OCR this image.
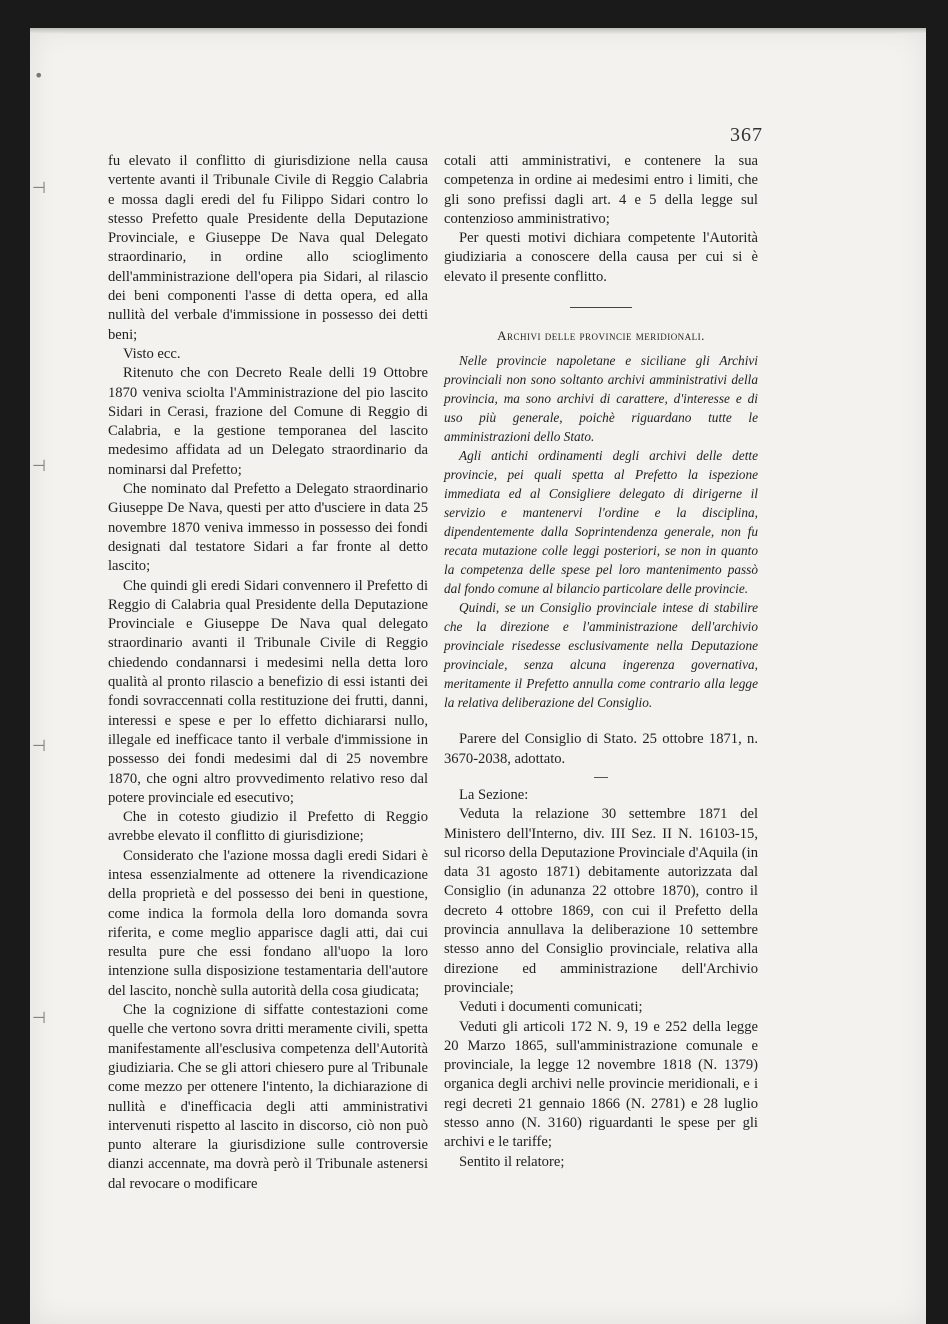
•
⊣
⊣
⊣
⊣
367

fu elevato il conflitto di giurisdizione nella causa vertente avanti il Tribunale Civile di Reggio Calabria e mossa dagli eredi del fu Filippo Sidari contro lo stesso Prefetto quale Presidente della Deputazione Provinciale, e Giuseppe De Nava qual Delegato straordinario, in ordine allo scioglimento dell'amministrazione dell'opera pia Sidari, al rilascio dei beni componenti l'asse di detta opera, ed alla nullità del verbale d'immissione in possesso dei detti beni;

Visto ecc.

Ritenuto che con Decreto Reale delli 19 Ottobre 1870 veniva sciolta l'Amministrazione del pio lascito Sidari in Cerasi, frazione del Comune di Reggio di Calabria, e la gestione temporanea del lascito medesimo affidata ad un Delegato straordinario da nominarsi dal Prefetto;

Che nominato dal Prefetto a Delegato straordinario Giuseppe De Nava, questi per atto d'usciere in data 25 novembre 1870 veniva immesso in possesso dei fondi designati dal testatore Sidari a far fronte al detto lascito;

Che quindi gli eredi Sidari convennero il Prefetto di Reggio di Calabria qual Presidente della Deputazione Provinciale e Giuseppe De Nava qual delegato straordinario avanti il Tribunale Civile di Reggio chiedendo condannarsi i medesimi nella detta loro qualità al pronto rilascio a benefizio di essi istanti dei fondi sovraccennati colla restituzione dei frutti, danni, interessi e spese e per lo effetto dichiararsi nullo, illegale ed inefficace tanto il verbale d'immissione in possesso dei fondi medesimi dal di 25 novembre 1870, che ogni altro provvedimento relativo reso dal potere provinciale ed esecutivo;

Che in cotesto giudizio il Prefetto di Reggio avrebbe elevato il conflitto di giurisdizione;

Considerato che l'azione mossa dagli eredi Sidari è intesa essenzialmente ad ottenere la rivendicazione della proprietà e del possesso dei beni in questione, come indica la formola della loro domanda sovra riferita, e come meglio apparisce dagli atti, dai cui resulta pure che essi fondano all'uopo la loro intenzione sulla disposizione testamentaria dell'autore del lascito, nonchè sulla autorità della cosa giudicata;

Che la cognizione di siffatte contestazioni come quelle che vertono sovra dritti meramente civili, spetta manifestamente all'esclusiva competenza dell'Autorità giudiziaria. Che se gli attori chiesero pure al Tribunale come mezzo per ottenere l'intento, la dichiarazione di nullità e d'inefficacia degli atti amministrativi intervenuti rispetto al lascito in discorso, ciò non può punto alterare la giurisdizione sulle controversie dianzi accennate, ma dovrà però il Tribunale astenersi dal revocare o modificare

cotali atti amministrativi, e contenere la sua competenza in ordine ai medesimi entro i limiti, che gli sono prefissi dagli art. 4 e 5 della legge sul contenzioso amministrativo;

Per questi motivi dichiara competente l'Autorità giudiziaria a conoscere della causa per cui si è elevato il presente conflitto.

Archivi delle provincie meridionali.

Nelle provincie napoletane e siciliane gli Archivi provinciali non sono soltanto archivi amministrativi della provincia, ma sono archivi di carattere, d'interesse e di uso più generale, poichè riguardano tutte le amministrazioni dello Stato.

Agli antichi ordinamenti degli archivi delle dette provincie, pei quali spetta al Prefetto la ispezione immediata ed al Consigliere delegato di dirigerne il servizio e mantenervi l'ordine e la disciplina, dipendentemente dalla Soprintendenza generale, non fu recata mutazione colle leggi posteriori, se non in quanto la competenza delle spese pel loro mantenimento passò dal fondo comune al bilancio particolare delle provincie.

Quindi, se un Consiglio provinciale intese di stabilire che la direzione e l'amministrazione dell'archivio provinciale risedesse esclusivamente nella Deputazione provinciale, senza alcuna ingerenza governativa, meritamente il Prefetto annulla come contrario alla legge la relativa deliberazione del Consiglio.

Parere del Consiglio di Stato. 25 ottobre 1871, n. 3670-2038, adottato.

La Sezione:

Veduta la relazione 30 settembre 1871 del Ministero dell'Interno, div. III Sez. II N. 16103-15, sul ricorso della Deputazione Provinciale d'Aquila (in data 31 agosto 1871) debitamente autorizzata dal Consiglio (in adunanza 22 ottobre 1870), contro il decreto 4 ottobre 1869, con cui il Prefetto della provincia annullava la deliberazione 10 settembre stesso anno del Consiglio provinciale, relativa alla direzione ed amministrazione dell'Archivio provinciale;

Veduti i documenti comunicati;

Veduti gli articoli 172 N. 9, 19 e 252 della legge 20 Marzo 1865, sull'amministrazione comunale e provinciale, la legge 12 novembre 1818 (N. 1379) organica degli archivi nelle provincie meridionali, e i regi decreti 21 gennaio 1866 (N. 2781) e 28 luglio stesso anno (N. 3160) riguardanti le spese per gli archivi e le tariffe;

Sentito il relatore;
